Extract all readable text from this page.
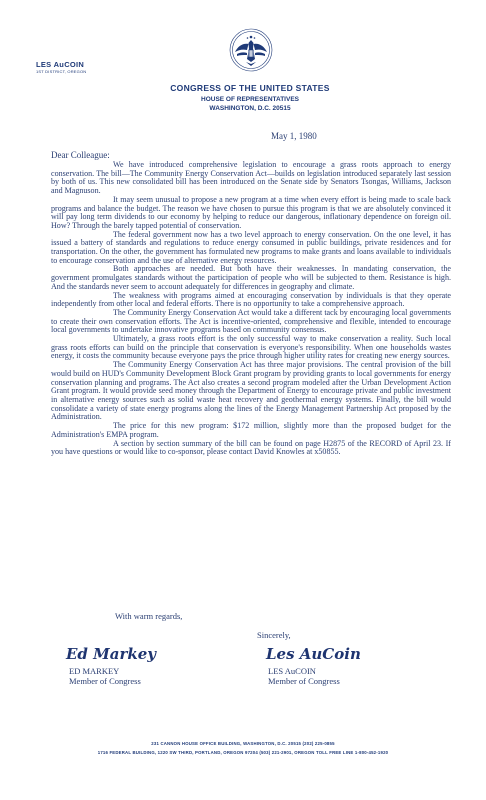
LES AuCOIN
1ST DISTRICT, OREGON
CONGRESS OF THE UNITED STATES
HOUSE OF REPRESENTATIVES
WASHINGTON, D.C. 20515
May 1, 1980
Dear Colleague:

We have introduced comprehensive legislation to encourage a grass roots approach to energy conservation. The bill—The Community Energy Conservation Act—builds on legislation introduced separately last session by both of us. This new consolidated bill has been introduced on the Senate side by Senators Tsongas, Williams, Jackson and Magnuson.

It may seem unusual to propose a new program at a time when every effort is being made to scale back programs and balance the budget. The reason we have chosen to pursue this program is that we are absolutely convinced it will pay long term dividends to our economy by helping to reduce our dangerous, inflationary dependence on foreign oil. How? Through the barely tapped potential of conservation.

The federal government now has a two level approach to energy conservation. On the one level, it has issued a battery of standards and regulations to reduce energy consumed in public buildings, private residences and for transportation. On the other, the government has formulated new programs to make grants and loans available to individuals to encourage conservation and the use of alternative energy resources.

Both approaches are needed. But both have their weaknesses. In mandating conservation, the government promulgates standards without the participation of people who will be subjected to them. Resistance is high. And the standards never seem to account adequately for differences in geography and climate.

The weakness with programs aimed at encouraging conservation by individuals is that they operate independently from other local and federal efforts. There is no opportunity to take a comprehensive approach.

The Community Energy Conservation Act would take a different tack by encouraging local governments to create their own conservation efforts. The Act is incentive-oriented, comprehensive and flexible, intended to encourage local governments to undertake innovative programs based on community consensus.

Ultimately, a grass roots effort is the only successful way to make conservation a reality. Such local grass roots efforts can build on the principle that conservation is everyone's responsibility. When one households wastes energy, it costs the community because everyone pays the price through higher utility rates for creating new energy sources.

The Community Energy Conservation Act has three major provisions. The central provision of the bill would build on HUD's Community Development Block Grant program by providing grants to local governments for energy conservation planning and programs. The Act also creates a second program modeled after the Urban Development Action Grant program. It would provide seed money through the Department of Energy to encourage private and public investment in alternative energy sources such as solid waste heat recovery and geothermal energy systems. Finally, the bill would consolidate a variety of state energy programs along the lines of the Energy Management Partnership Act proposed by the Administration.

The price for this new program: $172 million, slightly more than the proposed budget for the Administration's EMPA program.

A section by section summary of the bill can be found on page H2875 of the RECORD of April 23. If you have questions or would like to co-sponsor, please contact David Knowles at x50855.

With warm regards,
Sincerely,
Ed Markey	Les AuCoin
ED MARKEY
Member of Congress
LES AuCOIN
Member of Congress
231 CANNON HOUSE OFFICE BUILDING, WASHINGTON, D.C. 20515 (202) 225-0855
1716 FEDERAL BUILDING, 1220 SW THIRD, PORTLAND, OREGON 97204 (503) 221-2901, OREGON TOLL FREE LINE 1-800-452-1920
